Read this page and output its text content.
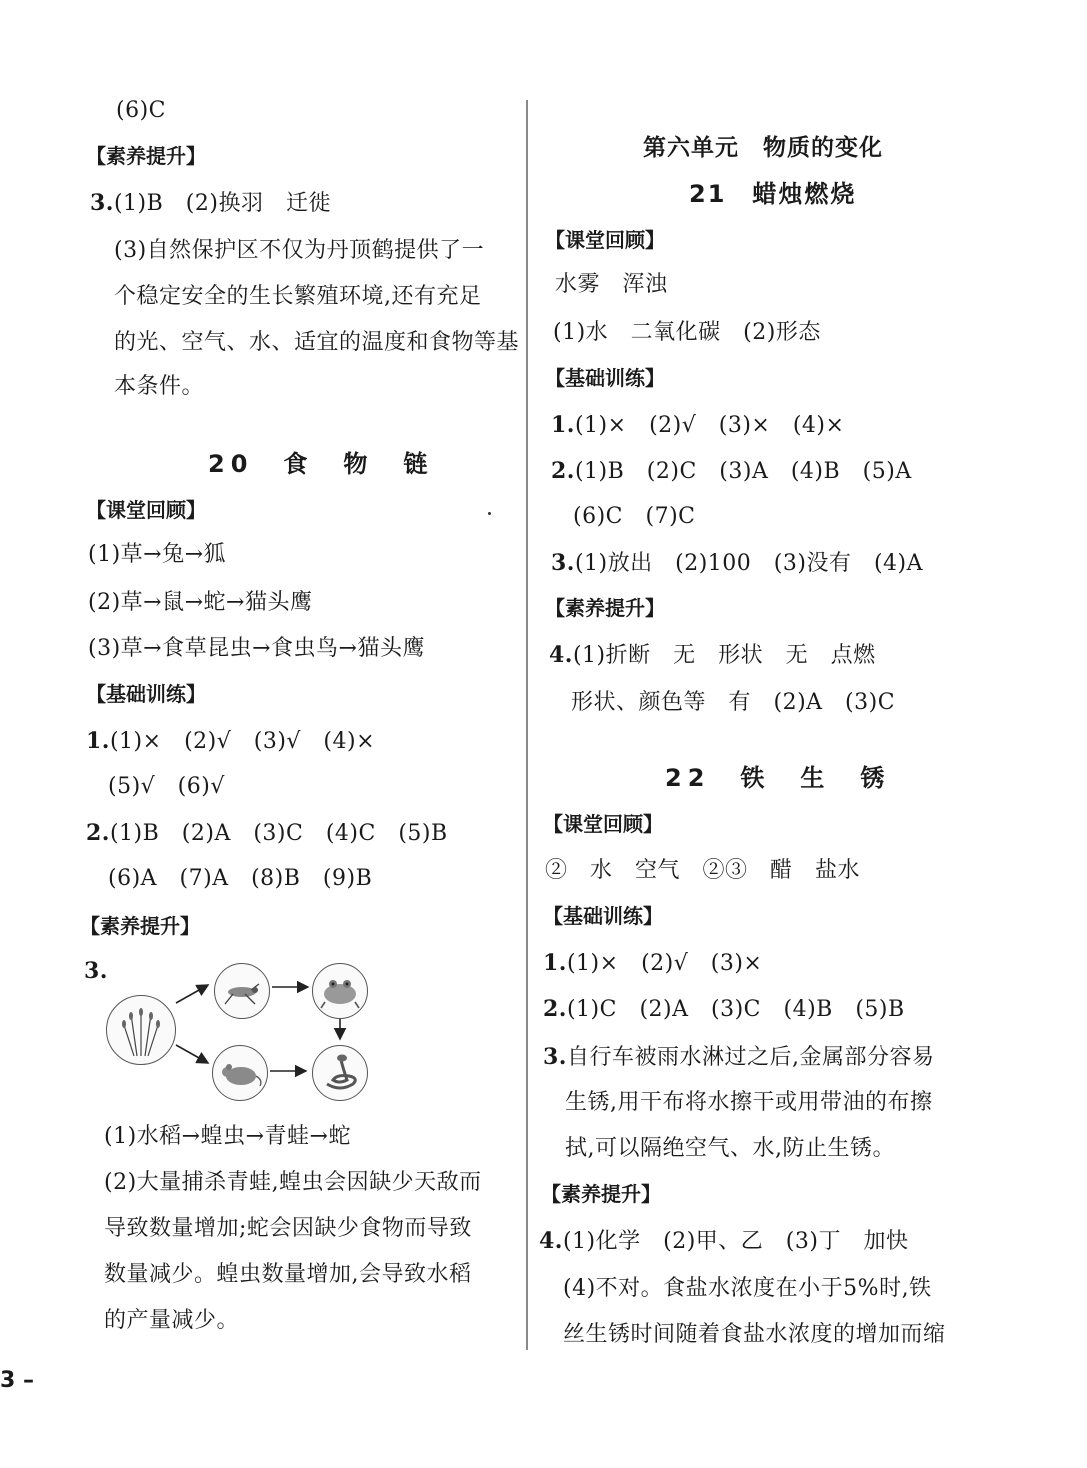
(6)C
【素养提升】
3.(1)B　(2)换羽　迁徙
(3)自然保护区不仅为丹顶鹤提供了一
个稳定安全的生长繁殖环境,还有充足
的光、空气、水、适宜的温度和食物等基
本条件。
20　食　物　链
【课堂回顾】
(1)草→兔→狐
(2)草→鼠→蛇→猫头鹰
(3)草→食草昆虫→食虫鸟→猫头鹰
【基础训练】
1.(1)×　(2)√　(3)√　(4)×
(5)√　(6)√
2.(1)B　(2)A　(3)C　(4)C　(5)B
(6)A　(7)A　(8)B　(9)B
【素养提升】
3.
(1)水稻→蝗虫→青蛙→蛇
(2)大量捕杀青蛙,蝗虫会因缺少天敌而
导致数量增加;蛇会因缺少食物而导致
数量减少。蝗虫数量增加,会导致水稻
的产量减少。
第六单元　物质的变化
21　蜡烛燃烧
【课堂回顾】
水雾　浑浊
(1)水　二氧化碳　(2)形态
【基础训练】
1.(1)×　(2)√　(3)×　(4)×
2.(1)B　(2)C　(3)A　(4)B　(5)A
(6)C　(7)C
3.(1)放出　(2)100　(3)没有　(4)A
【素养提升】
4.(1)折断　无　形状　无　点燃
形状、颜色等　有　(2)A　(3)C
22　铁　生　锈
【课堂回顾】
②　水　空气　②③　醋　盐水
【基础训练】
1.(1)×　(2)√　(3)×
2.(1)C　(2)A　(3)C　(4)B　(5)B
3.自行车被雨水淋过之后,金属部分容易
生锈,用干布将水擦干或用带油的布擦
拭,可以隔绝空气、水,防止生锈。
【素养提升】
4.(1)化学　(2)甲、乙　(3)丁　加快
(4)不对。食盐水浓度在小于5%时,铁
丝生锈时间随着食盐水浓度的增加而缩
3 –
